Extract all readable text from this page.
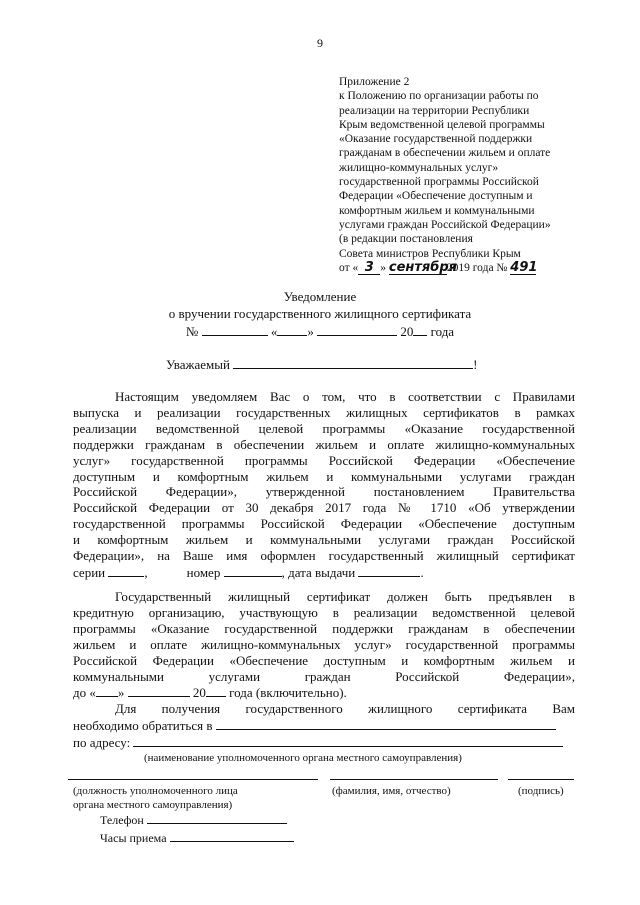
9
Приложение 2
к Положению по организации работы по
реализации на территории Республики
Крым ведомственной целевой программы
«Оказание государственной поддержки
гражданам в обеспечении жильем и оплате
жилищно-коммунальных услуг»
государственной программы Российской
Федерации «Обеспечение доступным и
комфортным жильем и коммунальными
услугами граждан Российской Федерации»
(в редакции постановления
Совета министров Республики Крым
от « 3 » сентября2019 года № 491
Уведомление
о вручении государственного жилищного сертификата
№	« »	20 года
Уважаемый	!
Настоящим уведомляем Вас о том, что в соответствии с Правилами
выпуска и реализации государственных жилищных сертификатов в рамках
реализации ведомственной целевой программы «Оказание государственной
поддержки гражданам в обеспечении жильем и оплате жилищно-коммунальных
услуг» государственной программы Российской Федерации «Обеспечение
доступным и комфортным жильем и коммунальными услугами граждан
Российской Федерации», утвержденной постановлением Правительства
Российской Федерации от 30 декабря 2017 года № 1710 «Об утверждении
государственной программы Российской Федерации «Обеспечение доступным
и комфортным жильем и коммунальными услугами граждан Российской
Федерации», на Ваше имя оформлен государственный жилищный сертификат
серии	,            номер	, дата выдачи	.
Государственный жилищный сертификат должен быть предъявлен в
кредитную организацию, участвующую в реализации ведомственной целевой
программы «Оказание государственной поддержки гражданам в обеспечении
жильем и оплате жилищно-коммунальных услуг» государственной программы
Российской Федерации «Обеспечение доступным и комфортным жильем и
коммунальными услугами граждан Российской Федерации»,
до « »	20 года (включительно).
Для получения государственного жилищного сертификата Вам
необходимо обратиться в
по адресу:
(наименование уполномоченного органа местного самоуправления)
(должность уполномоченного лица
органа местного самоуправления)
(фамилия, имя, отчество)	(подпись)
Телефон
Часы приема
